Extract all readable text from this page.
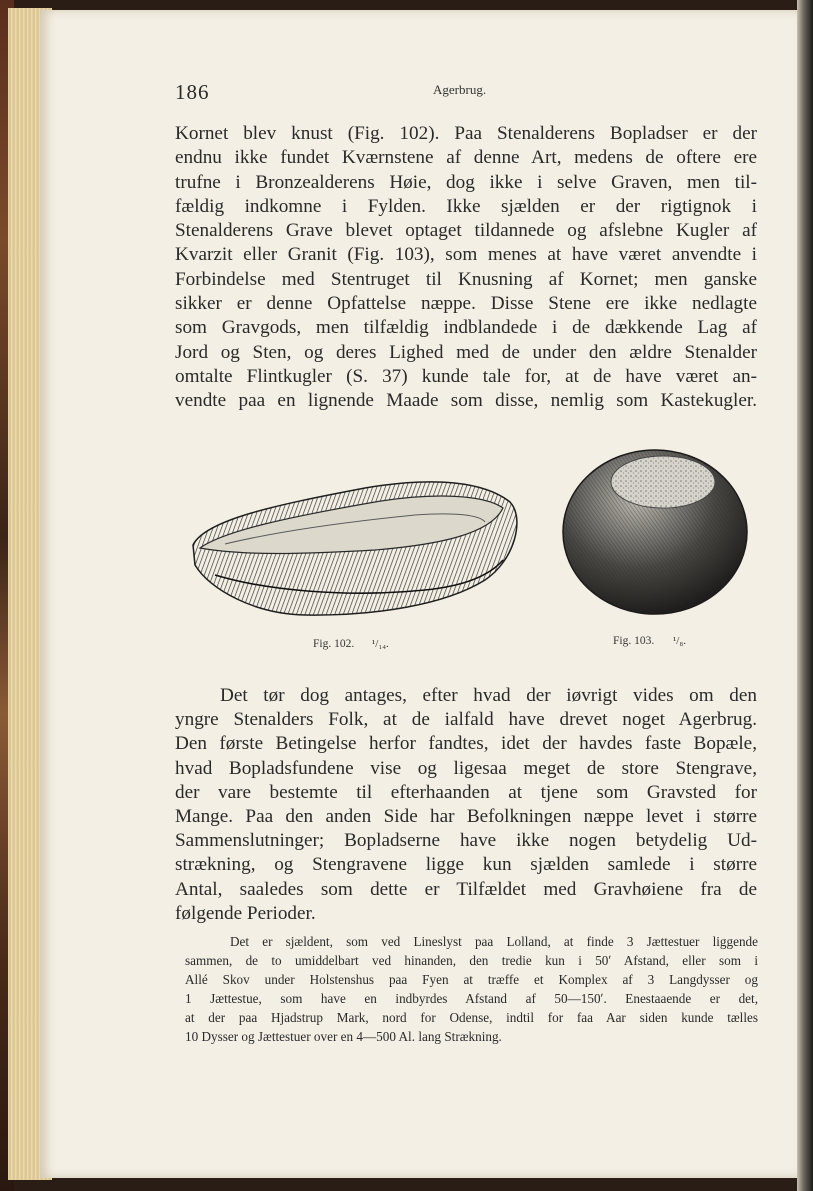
186	Agerbrug.
Kornet blev knust (Fig. 102). Paa Stenalderens Bopladser er der
endnu ikke fundet Kværnstene af denne Art, medens de oftere ere
trufne i Bronzealderens Høie, dog ikke i selve Graven, men til-
fældig indkomne i Fylden. Ikke sjælden er der rigtignok i
Stenalderens Grave blevet optaget tildannede og afslebne Kugler af
Kvarzit eller Granit (Fig. 103), som menes at have været anvendte i
Forbindelse med Stentruget til Knusning af Kornet; men ganske
sikker er denne Opfattelse næppe. Disse Stene ere ikke nedlagte
som Gravgods, men tilfældig indblandede i de dækkende Lag af
Jord og Sten, og deres Lighed med de under den ældre Stenalder
omtalte Flintkugler (S. 37) kunde tale for, at de have været an-
vendte paa en lignende Maade som disse, nemlig som Kastekugler.
Fig. 102. ¹/₁₄.	Fig. 103. ¹/₈.
Det tør dog antages, efter hvad der iøvrigt vides om den
yngre Stenalders Folk, at de ialfald have drevet noget Agerbrug.
Den første Betingelse herfor fandtes, idet der havdes faste Bopæle,
hvad Bopladsfundene vise og ligesaa meget de store Stengrave,
der vare bestemte til efterhaanden at tjene som Gravsted for
Mange. Paa den anden Side har Befolkningen næppe levet i større
Sammenslutninger; Bopladserne have ikke nogen betydelig Ud-
strækning, og Stengravene ligge kun sjælden samlede i større
Antal, saaledes som dette er Tilfældet med Gravhøiene fra de
følgende Perioder.
Det er sjældent, som ved Lineslyst paa Lolland, at finde 3 Jættestuer liggende
sammen, de to umiddelbart ved hinanden, den tredie kun i 50ʹ Afstand, eller som i
Allé Skov under Holstenshus paa Fyen at træffe et Komplex af 3 Langdysser og
1 Jættestue, som have en indbyrdes Afstand af 50—150ʹ. Enestaaende er det,
at der paa Hjadstrup Mark, nord for Odense, indtil for faa Aar siden kunde tælles
10 Dysser og Jættestuer over en 4—500 Al. lang Strækning.
